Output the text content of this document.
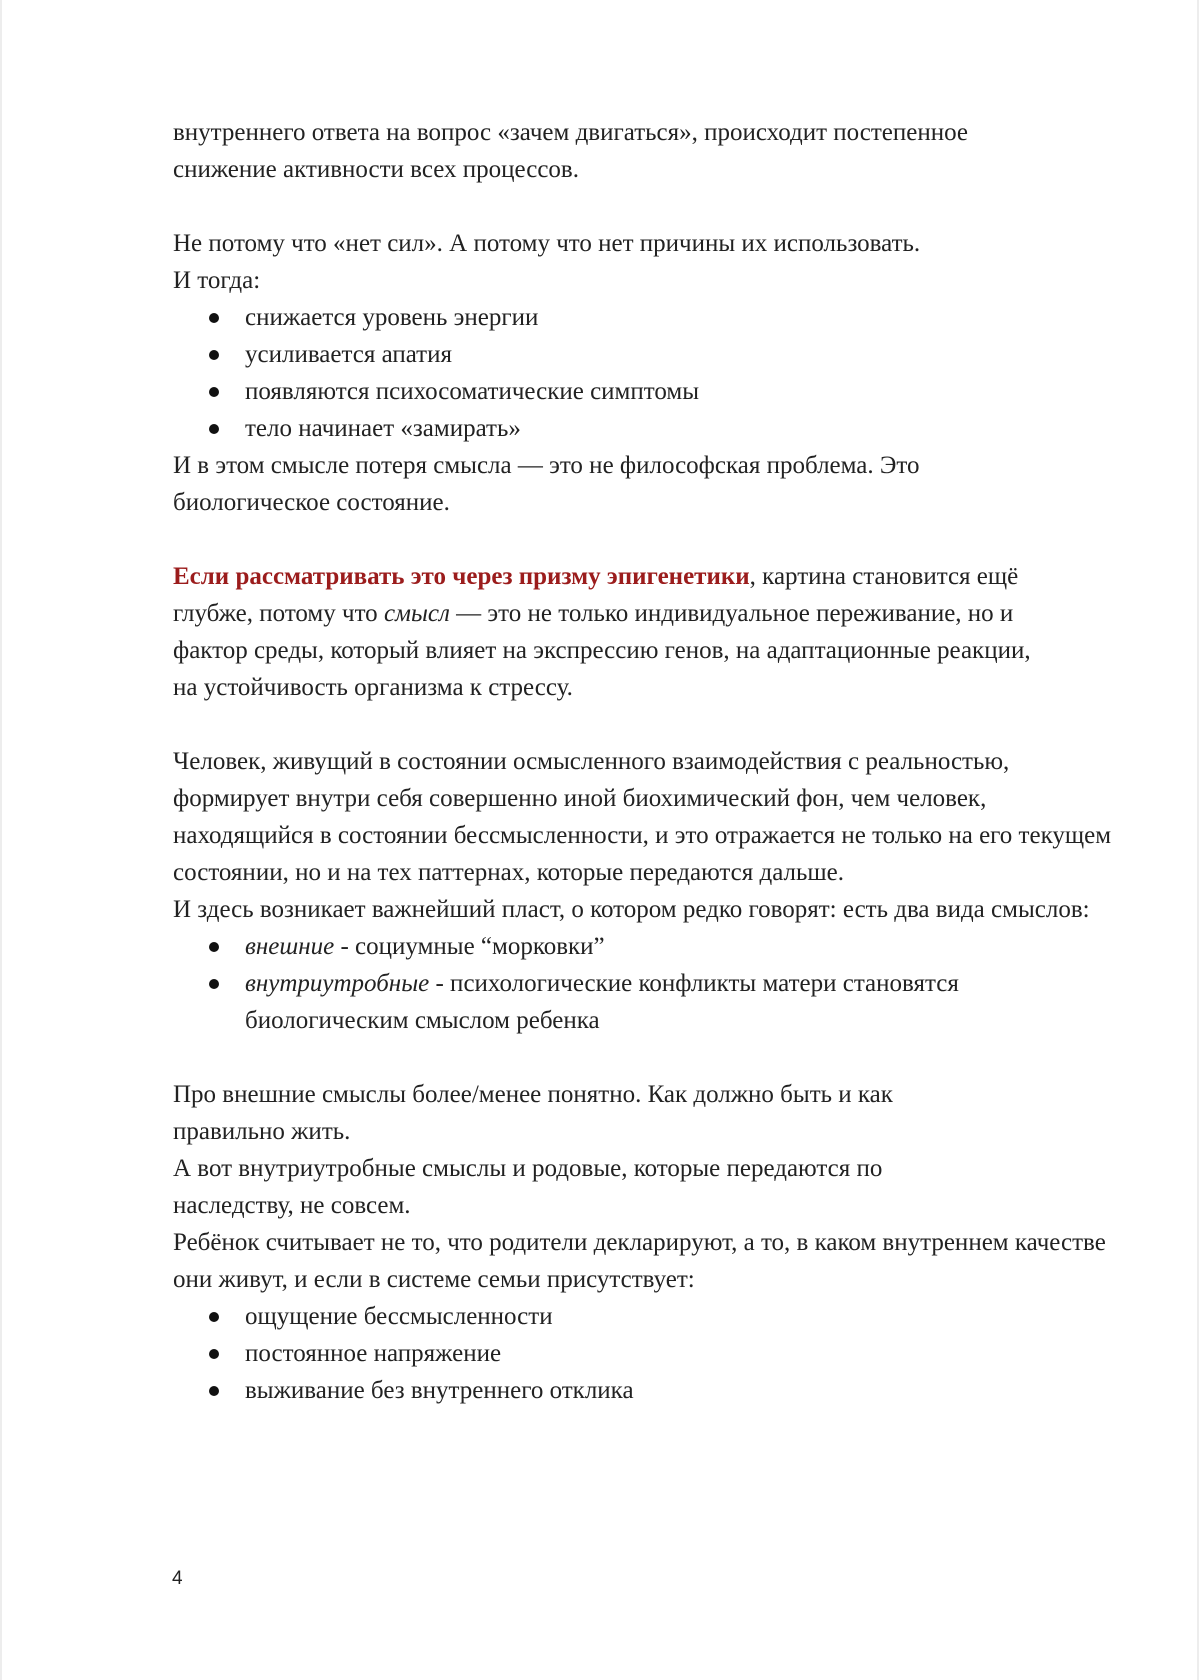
внутреннего ответа на вопрос «зачем двигаться», происходит постепенное снижение активности всех процессов.

Не потому что «нет сил». А потому что нет причины их использовать.

И тогда:

снижается уровень энергии
усиливается апатия
появляются психосоматические симптомы
тело начинает «замирать»

И в этом смысле потеря смысла — это не философская проблема. Это биологическое состояние.

Если рассматривать это через призму эпигенетики, картина становится ещё глубже, потому что смысл — это не только индивидуальное переживание, но и фактор среды, который влияет на экспрессию генов, на адаптационные реакции, на устойчивость организма к стрессу.

Человек, живущий в состоянии осмысленного взаимодействия с реальностью, формирует внутри себя совершенно иной биохимический фон, чем человек, находящийся в состоянии бессмысленности, и это отражается не только на его текущем состоянии, но и на тех паттернах, которые передаются дальше.

И здесь возникает важнейший пласт, о котором редко говорят: есть два вида смыслов:

внешние - социумные “морковки”
внутриутробные - психологические конфликты матери становятся биологическим смыслом ребенка

Про внешние смыслы более/менее понятно. Как должно быть и как правильно жить.

А вот внутриутробные смыслы и родовые, которые передаются по наследству, не совсем.

Ребёнок считывает не то, что родители декларируют, а то, в каком внутреннем качестве они живут, и если в системе семьи присутствует:

ощущение бессмысленности
постоянное напряжение
выживание без внутреннего отклика
4
